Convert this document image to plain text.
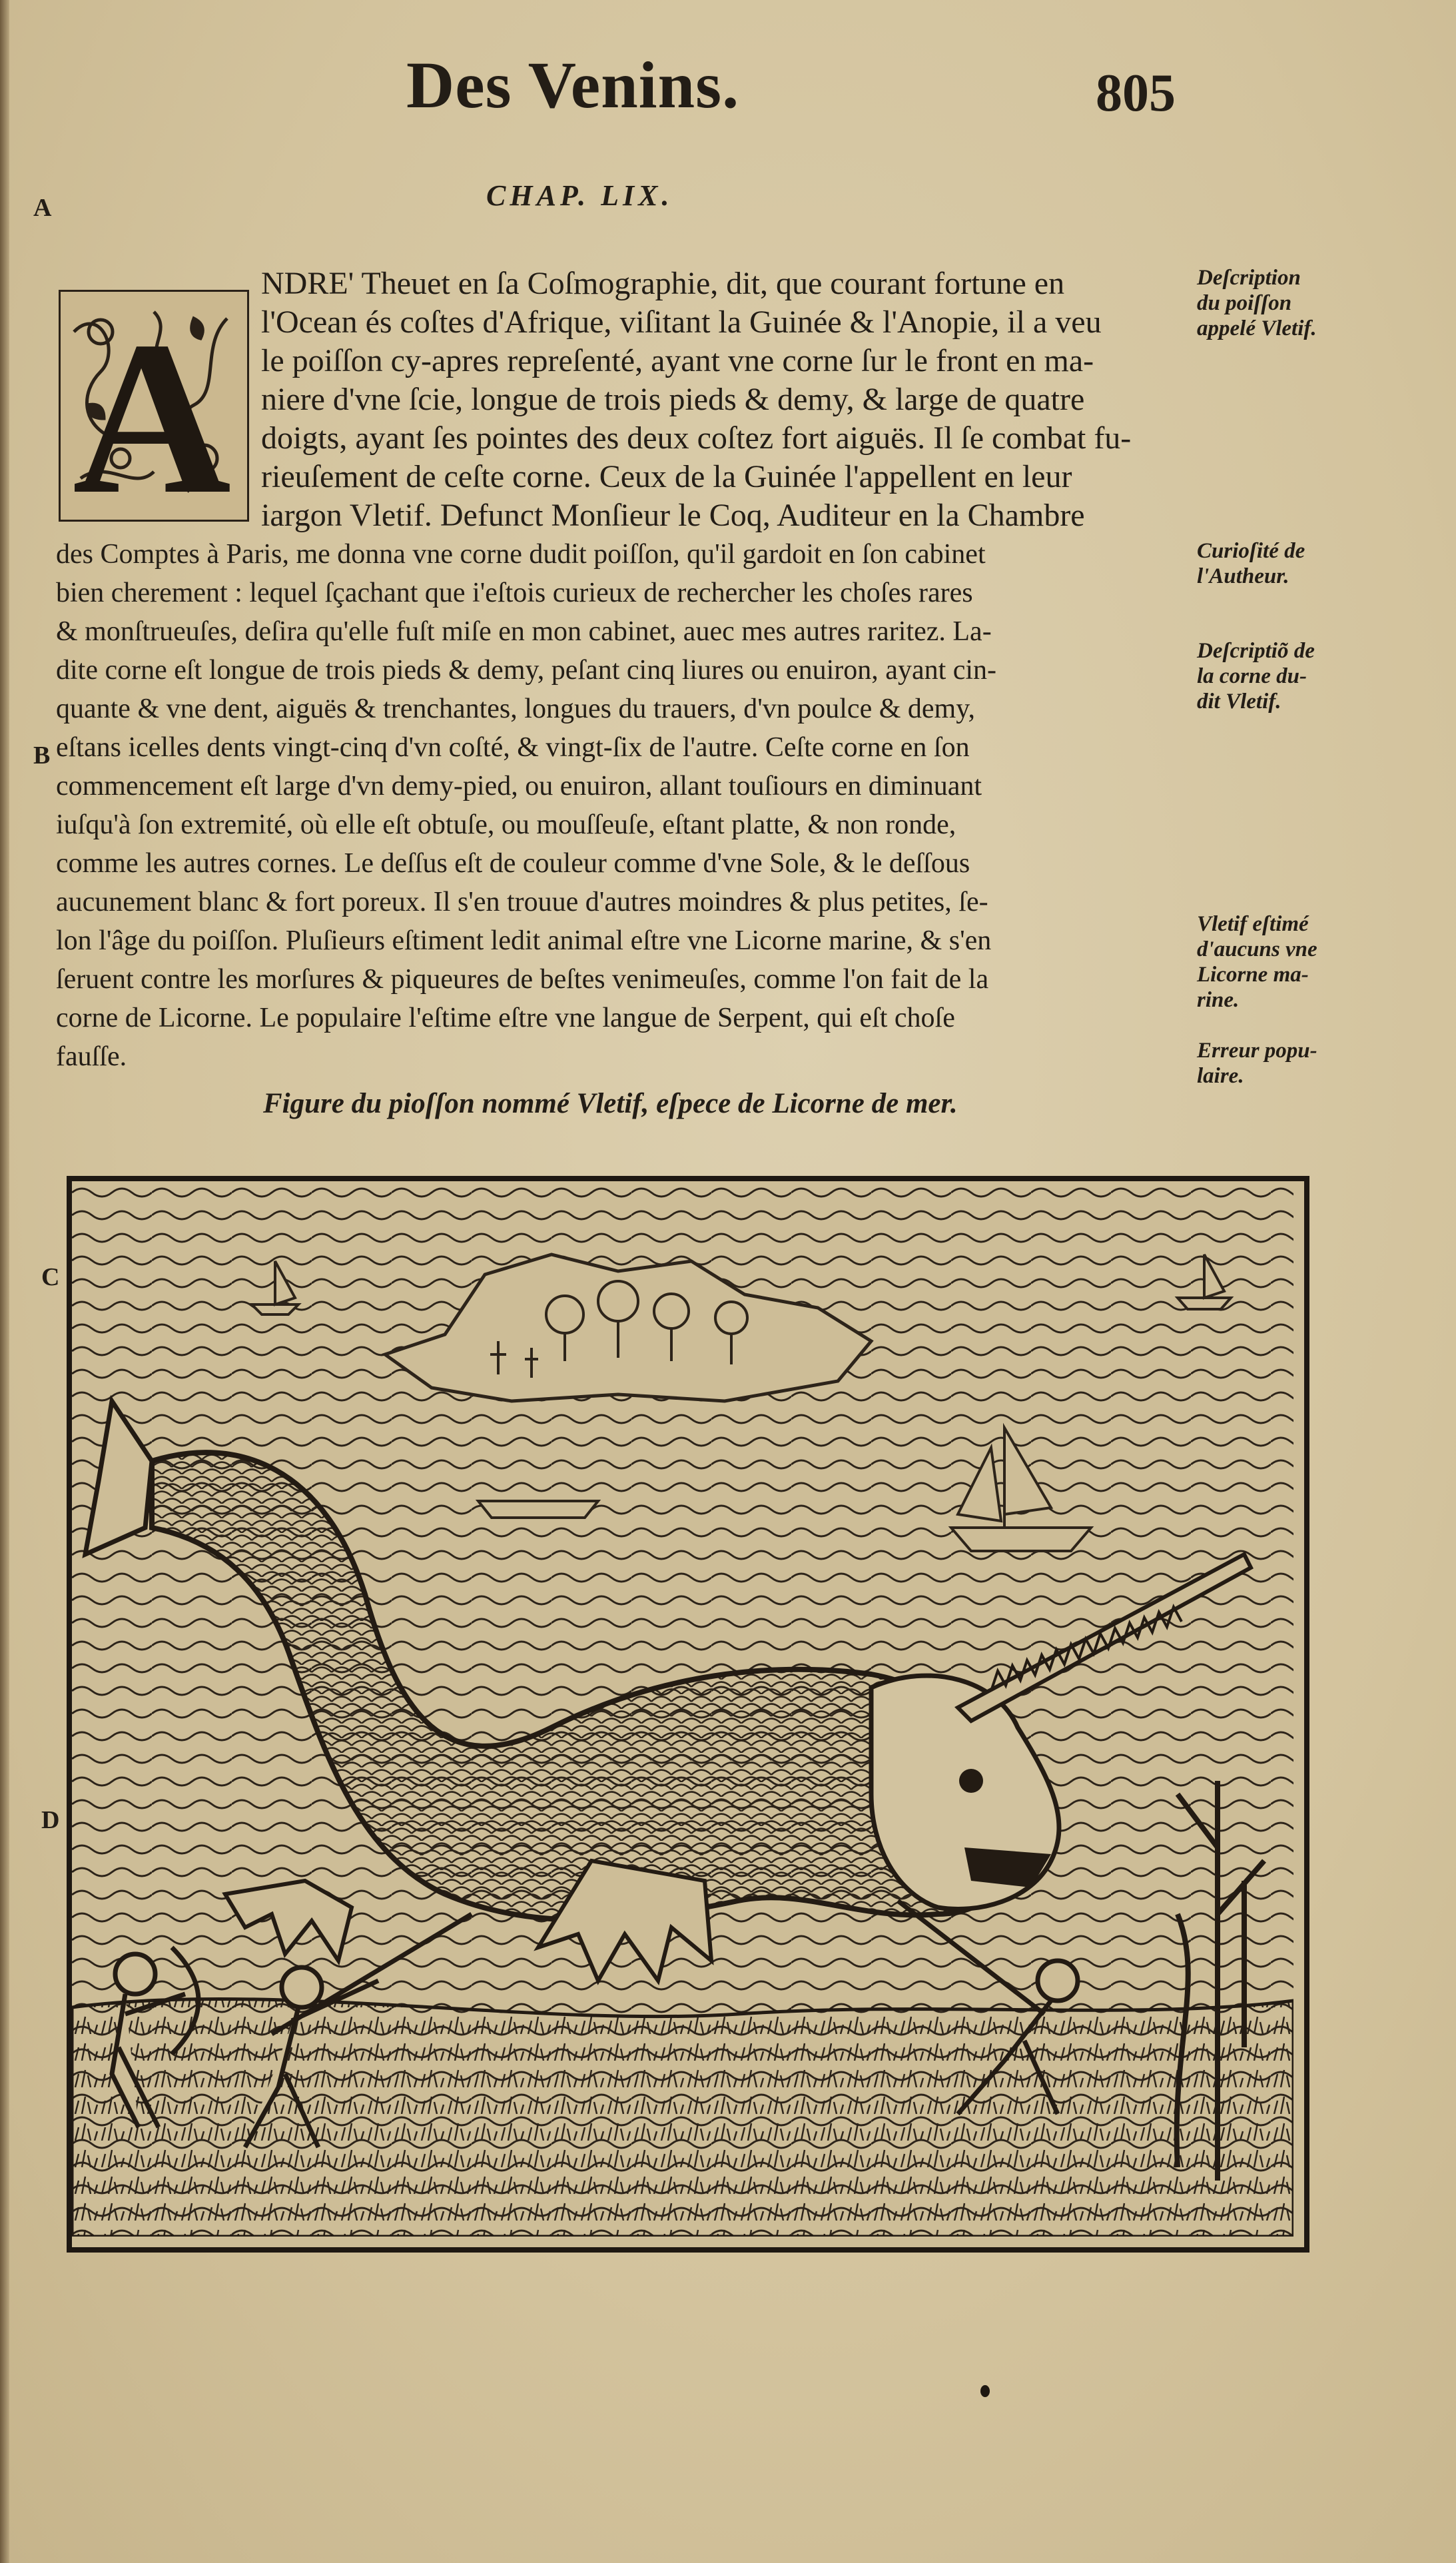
Des Venins.	805
A
B
C
D
CHAP. LIX.
A
NDRE' Theuet en ſa Coſmographie, dit, que courant fortune en
l'Ocean és coſtes d'Afrique, viſitant la Guinée & l'Anopie, il a veu
le poiſſon cy-apres repreſenté, ayant vne corne ſur le front en ma-
niere d'vne ſcie, longue de trois pieds & demy, & large de quatre
doigts, ayant ſes pointes des deux coſtez fort aiguës. Il ſe combat fu-
rieuſement de ceſte corne. Ceux de la Guinée l'appellent en leur
iargon Vletif. Defunct Monſieur le Coq, Auditeur en la Chambre
des Comptes à Paris, me donna vne corne dudit poiſſon, qu'il gardoit en ſon cabinet
bien cherement : lequel ſçachant que i'eſtois curieux de rechercher les choſes rares
& monſtrueuſes, deſira qu'elle fuſt miſe en mon cabinet, auec mes autres raritez. La-
dite corne eſt longue de trois pieds & demy, peſant cinq liures ou enuiron, ayant cin-
quante & vne dent, aiguës & trenchantes, longues du trauers, d'vn poulce & demy,
eſtans icelles dents vingt-cinq d'vn coſté, & vingt-ſix de l'autre. Ceſte corne en ſon
commencement eſt large d'vn demy-pied, ou enuiron, allant touſiours en diminuant
iuſqu'à ſon extremité, où elle eſt obtuſe, ou mouſſeuſe, eſtant platte, & non ronde,
comme les autres cornes. Le deſſus eſt de couleur comme d'vne Sole, & le deſſous
aucunement blanc & fort poreux. Il s'en trouue d'autres moindres & plus petites, ſe-
lon l'âge du poiſſon. Pluſieurs eſtiment ledit animal eſtre vne Licorne marine, & s'en
ſeruent contre les morſures & piqueures de beſtes venimeuſes, comme l'on fait de la
corne de Licorne. Le populaire l'eſtime eſtre vne langue de Serpent, qui eſt choſe
fauſſe.
Deſcription
du poiſſon
appelé Vletif.
Curioſité de
l'Autheur.
Deſcriptiõ de
la corne du-
dit Vletif.
Vletif eſtimé
d'aucuns vne
Licorne ma-
rine.
Erreur popu-
laire.
Figure du pioſſon nommé Vletif, eſpece de Licorne de mer.
